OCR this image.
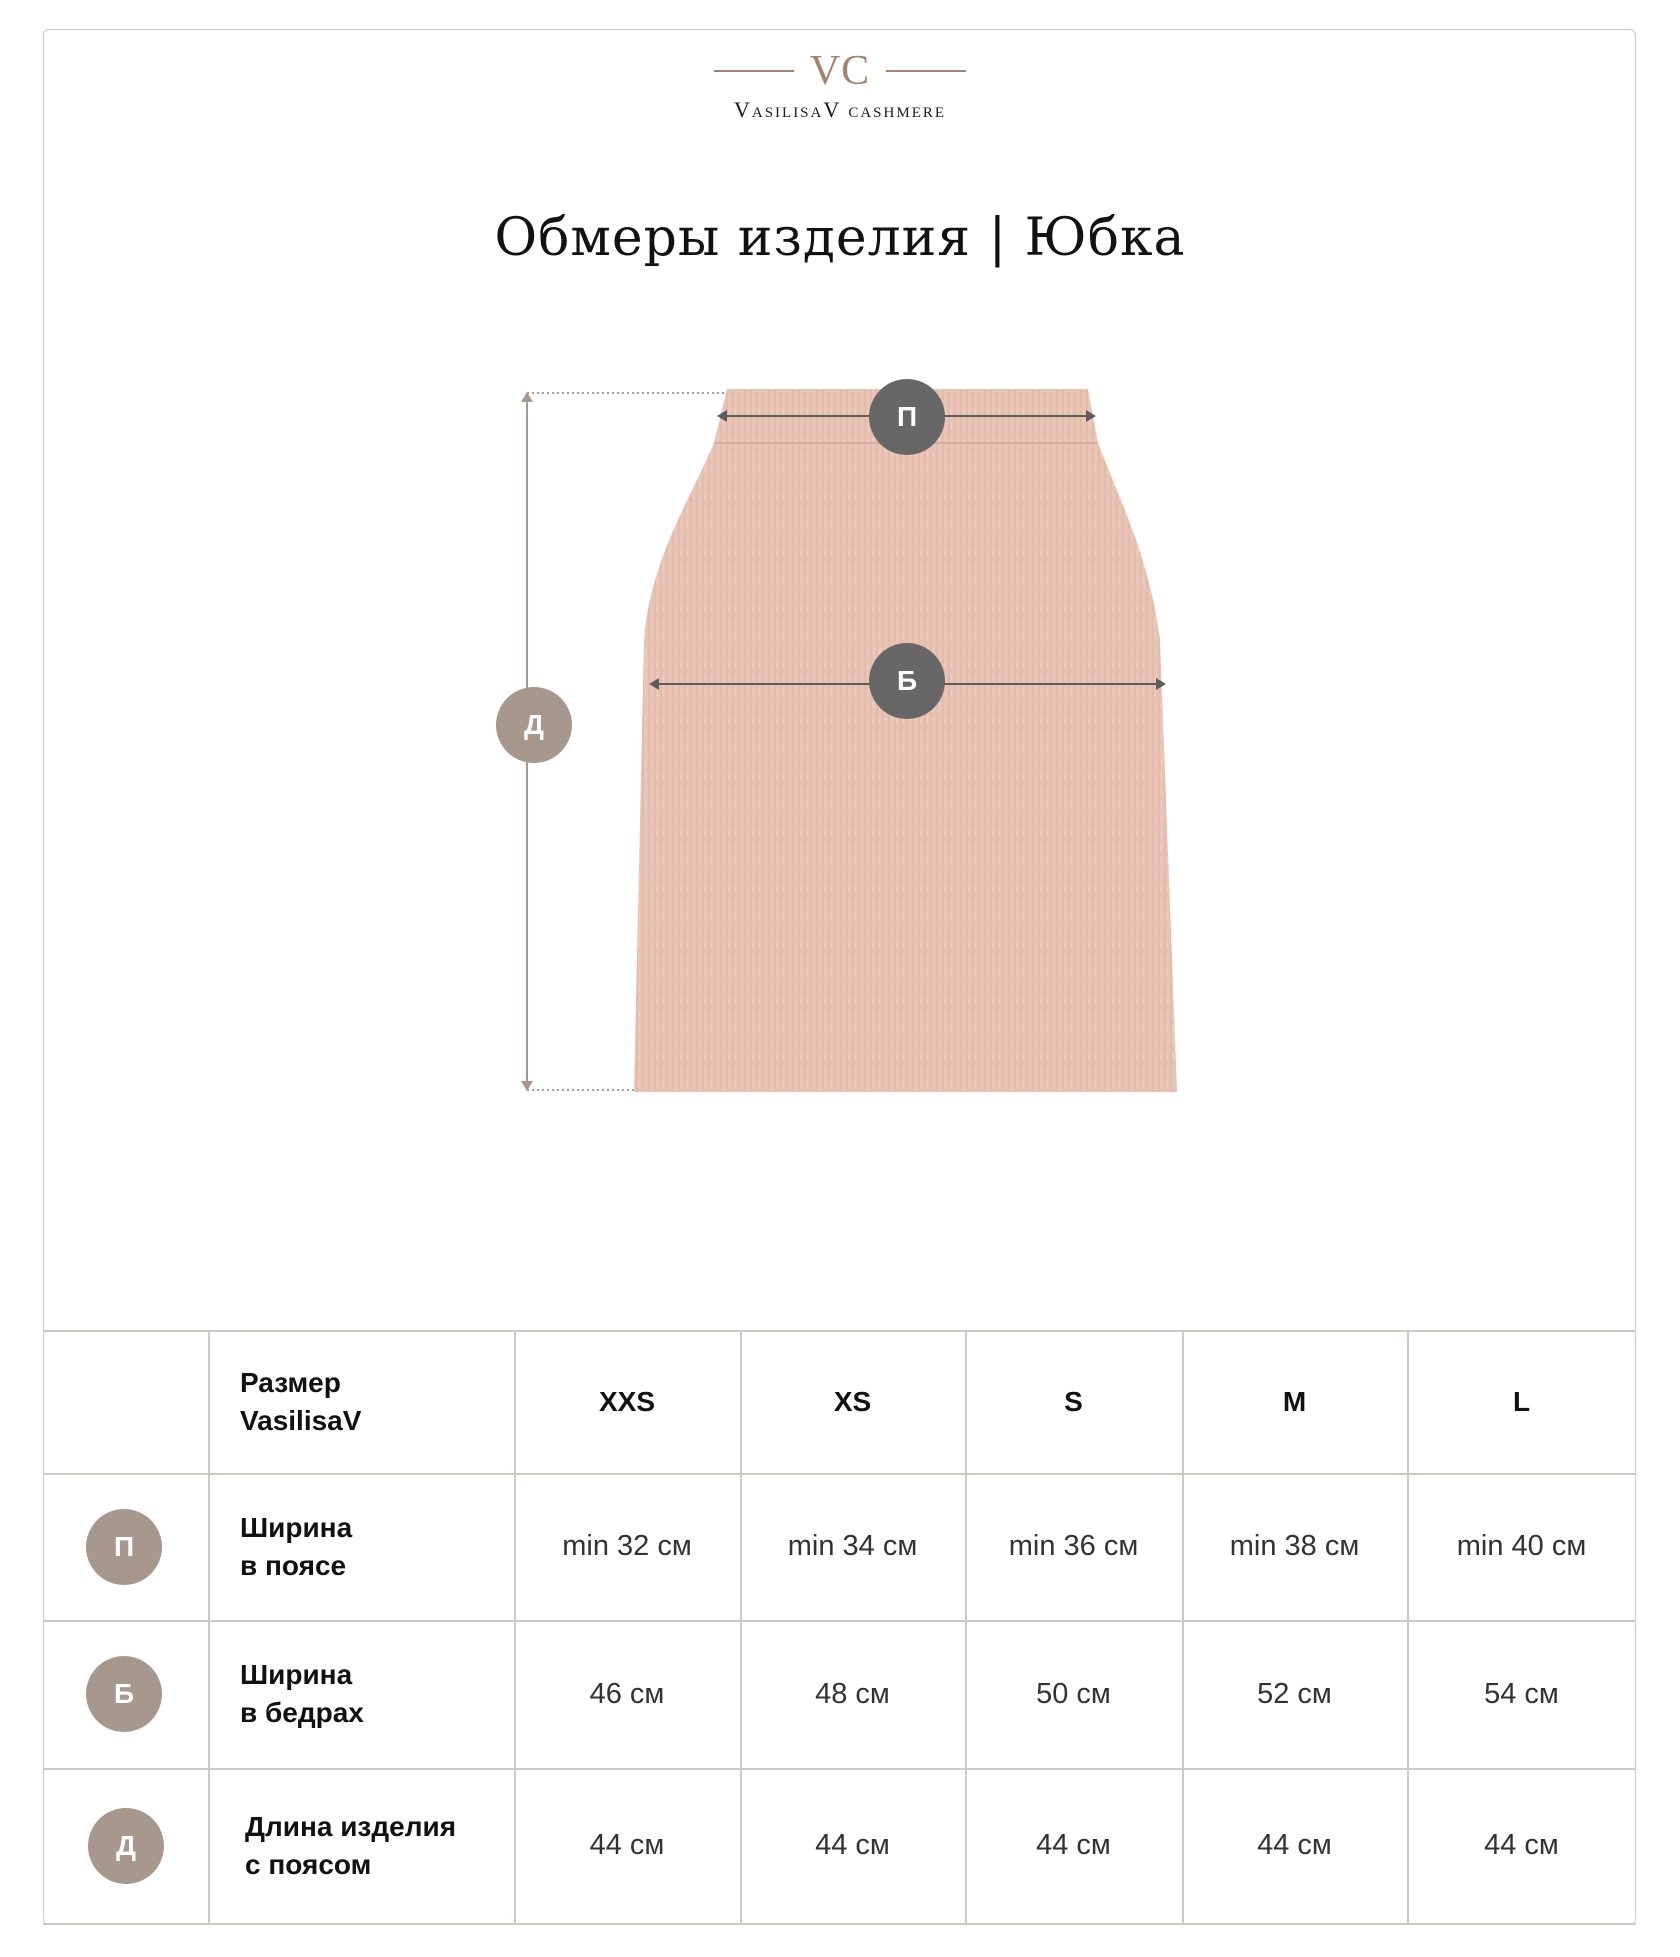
VC
VasilisaV cashmere
Обмеры изделия | Юбка
П
Б
Д
Размер
VasilisaV
XXS	XS	S	M	L
П
Ширина
в поясе
min 32 см	min 34 см	min 36 см	min 38 см	min 40 см
Б
Ширина
в бедрах
46 см	48 см	50 см	52 см	54 см
Д
Длина изделия
с поясом
44 см	44 см	44 см	44 см	44 см
